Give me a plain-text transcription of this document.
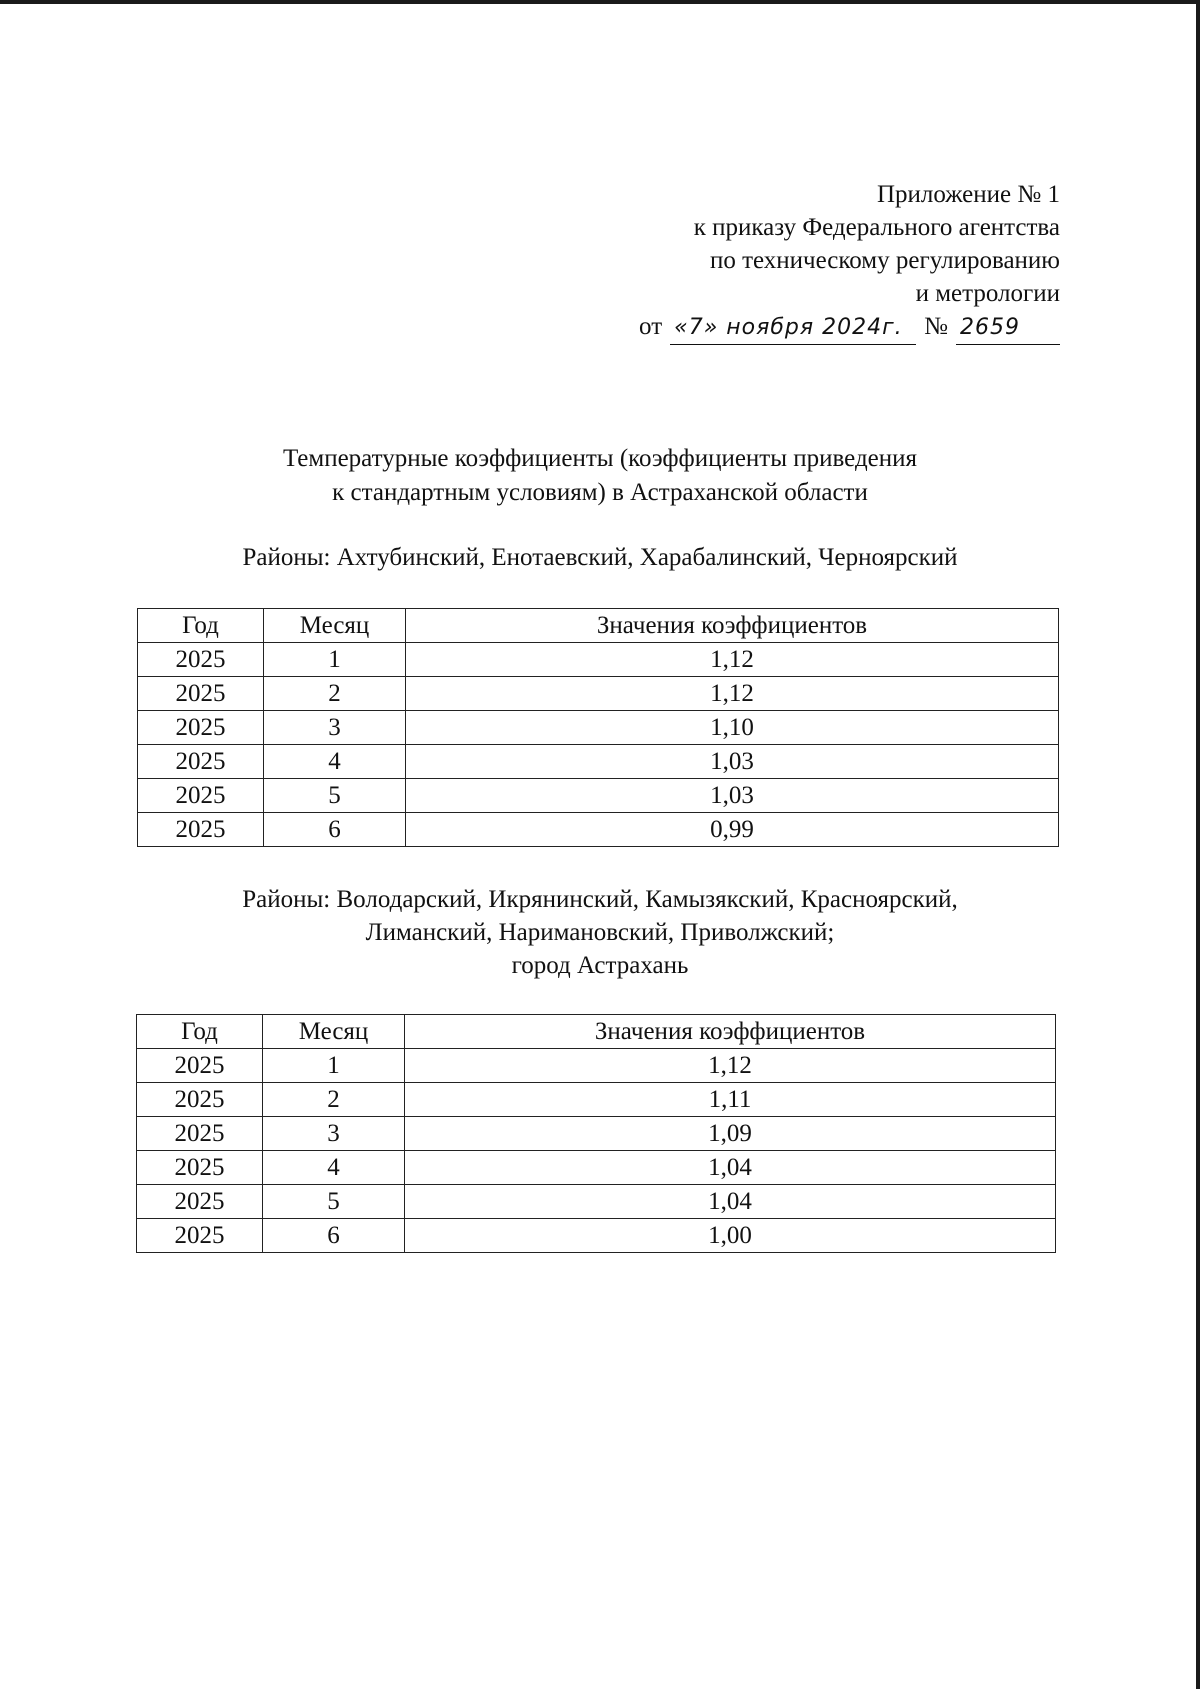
Приложение № 1
к приказу Федерального агентства
по техническому регулированию
и метрологии
от «7» ноября 2024г. № 2659
Температурные коэффициенты (коэффициенты приведения
к стандартным условиям) в Астраханской области
Районы: Ахтубинский, Енотаевский, Харабалинский, Черноярский
Год	Месяц	Значения коэффициентов
2025	1	1,12
2025	2	1,12
2025	3	1,10
2025	4	1,03
2025	5	1,03
2025	6	0,99
Районы: Володарский, Икрянинский, Камызякский, Красноярский,
Лиманский, Наримановский, Приволжский;
город Астрахань
Год	Месяц	Значения коэффициентов
2025	1	1,12
2025	2	1,11
2025	3	1,09
2025	4	1,04
2025	5	1,04
2025	6	1,00
